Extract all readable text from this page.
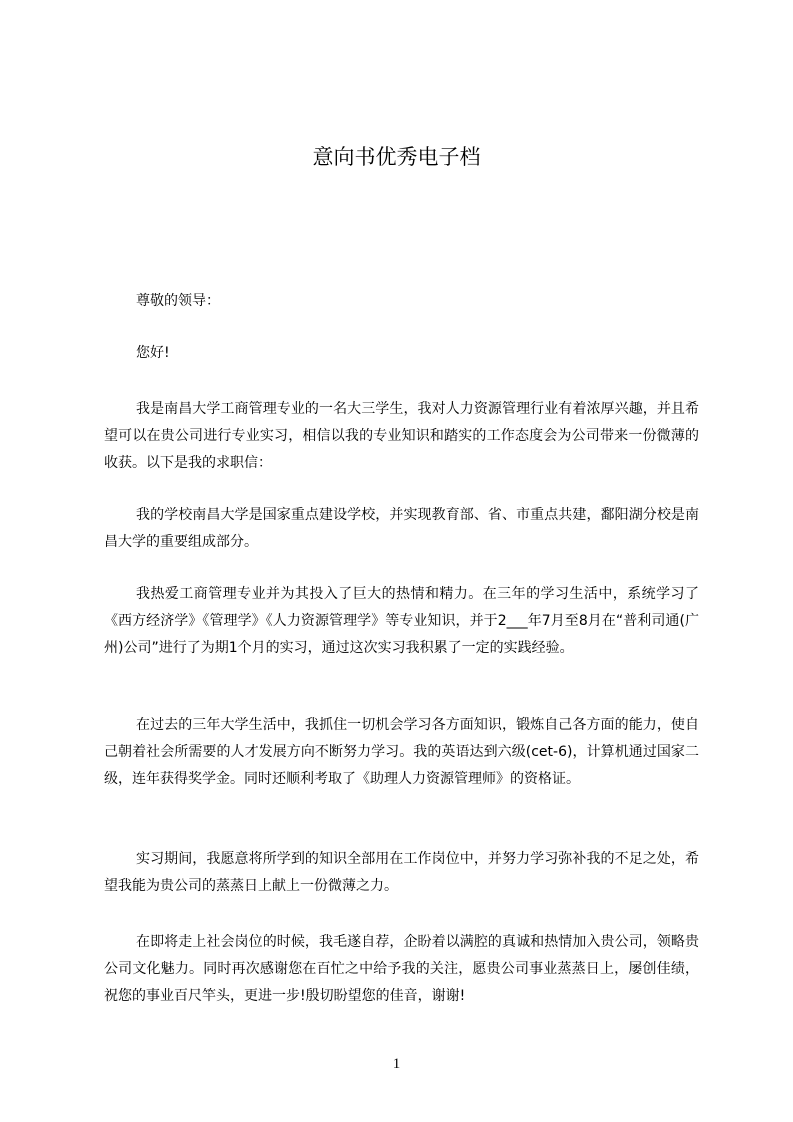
意向书优秀电子档

尊敬的领导：

您好!

我是南昌大学工商管理专业的一名大三学生，我对人力资源管理行业有着浓厚兴趣，并且希望可以在贵公司进行专业实习，相信以我的专业知识和踏实的工作态度会为公司带来一份微薄的收获。以下是我的求职信：

我的学校南昌大学是国家重点建设学校，并实现教育部、省、市重点共建，鄱阳湖分校是南昌大学的重要组成部分。

我热爱工商管理专业并为其投入了巨大的热情和精力。在三年的学习生活中，系统学习了《西方经济学》《管理学》《人力资源管理学》等专业知识，并于2___年7月至8月在“普利司通(广州)公司”进行了为期1个月的实习，通过这次实习我积累了一定的实践经验。

在过去的三年大学生活中，我抓住一切机会学习各方面知识，锻炼自己各方面的能力，使自己朝着社会所需要的人才发展方向不断努力学习。我的英语达到六级(cet-6)，计算机通过国家二级，连年获得奖学金。同时还顺利考取了《助理人力资源管理师》的资格证。

实习期间，我愿意将所学到的知识全部用在工作岗位中，并努力学习弥补我的不足之处，希望我能为贵公司的蒸蒸日上献上一份微薄之力。

在即将走上社会岗位的时候，我毛遂自荐，企盼着以满腔的真诚和热情加入贵公司，领略贵公司文化魅力。同时再次感谢您在百忙之中给予我的关注，愿贵公司事业蒸蒸日上，屡创佳绩，祝您的事业百尺竿头，更进一步!殷切盼望您的佳音，谢谢!

1
